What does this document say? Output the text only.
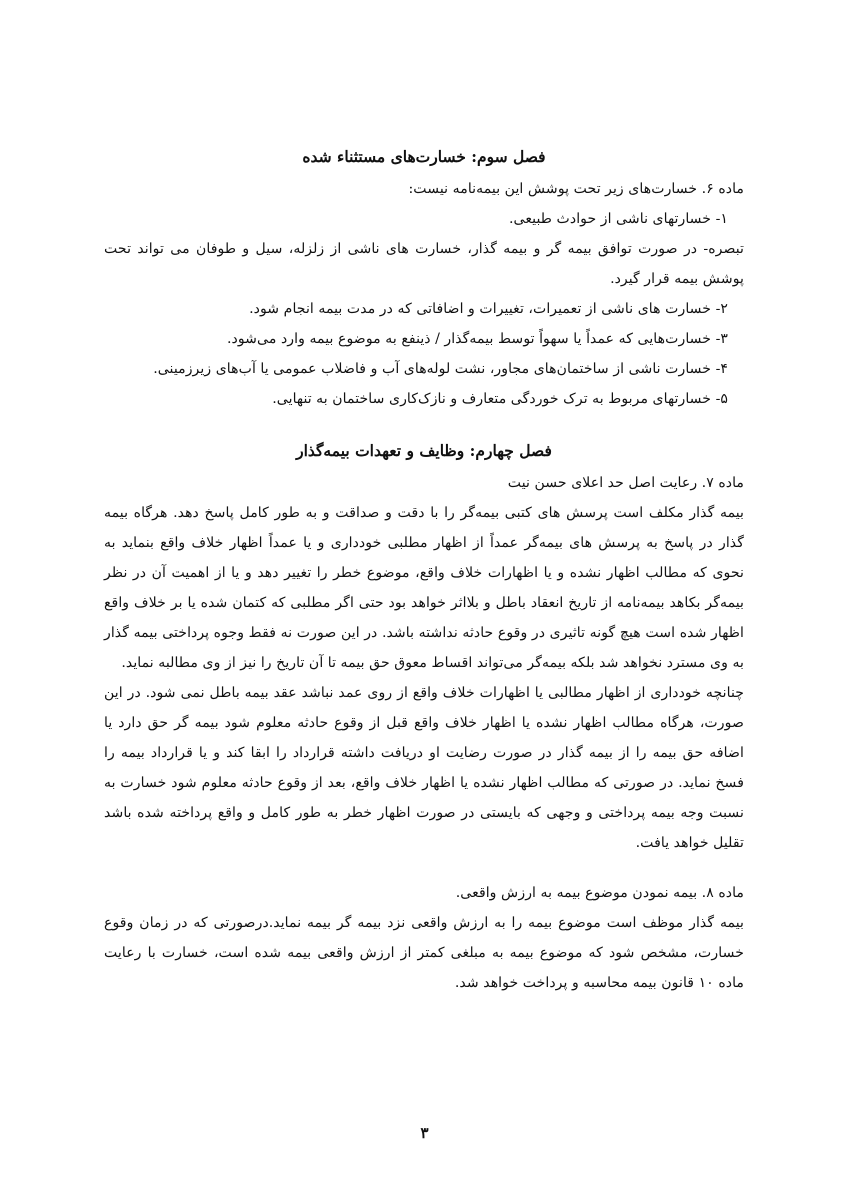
فصل سوم: خسارت‌های مستثناء شده

ماده ۶. خسارت‌های زیر تحت پوشش این بیمه‌نامه نیست:

۱- خسارتهای ناشی از حوادث طبیعی.

تبصره- در صورت توافق بیمه گر و بیمه گذار، خسارت های ناشی از زلزله، سیل و طوفان می تواند تحت پوشش بیمه قرار گیرد.

۲- خسارت های ناشی از تعمیرات، تغییرات و اضافاتی که در مدت بیمه انجام شود.

۳- خسارت‌هایی که عمداً یا سهواً توسط بیمه‌گذار / ذینفع به موضوع بیمه وارد می‌شود.

۴- خسارت ناشی از ساختمان‌های مجاور، نشت لوله‌های آب و فاضلاب عمومی یا آب‌های زیرزمینی.

۵- خسارتهای مربوط به ترک خوردگی متعارف و نازک‌کاری ساختمان به تنهایی.

فصل چهارم: وظایف و تعهدات بیمه‌گذار

ماده ۷. رعایت اصل حد اعلای حسن نیت

بیمه گذار مکلف است پرسش های کتبی بیمه‌گر را با دقت و صداقت و به طور کامل پاسخ دهد. هرگاه بیمه گذار در پاسخ به پرسش های بیمه‌گر عمداً از اظهار مطلبی خودداری و یا عمداً اظهار خلاف واقع بنماید به نحوی که مطالب اظهار نشده و یا اظهارات خلاف واقع، موضوع خطر را تغییر دهد و یا از اهمیت آن در نظر بیمه‌گر بکاهد بیمه‌نامه از تاریخ انعقاد باطل و بلااثر خواهد بود حتی اگر مطلبی که کتمان شده یا بر خلاف واقع اظهار شده است هیچ گونه تاثیری در وقوع حادثه نداشته باشد. در این صورت نه فقط وجوه پرداختی بیمه گذار به وی مسترد نخواهد شد بلکه بیمه‌گر می‌تواند اقساط معوق حق بیمه تا آن تاریخ را نیز از وی مطالبه نماید.

چنانچه خودداری از اظهار مطالبی یا اظهارات خلاف واقع از روی عمد نباشد عقد بیمه باطل نمی شود. در این صورت، هرگاه مطالب اظهار نشده یا اظهار خلاف واقع قبل از وقوع حادثه معلوم شود بیمه گر حق دارد یا اضافه حق بیمه را از بیمه گذار در صورت رضایت او دریافت داشته قرارداد را ابقا کند و یا قرارداد بیمه را فسخ نماید. در صورتی که مطالب اظهار نشده یا اظهار خلاف واقع، بعد از وقوع حادثه معلوم شود خسارت به نسبت وجه بیمه پرداختی و وجهی که بایستی در صورت اظهار خطر به طور کامل و واقع پرداخته شده باشد تقلیل خواهد یافت.

ماده ۸. بیمه نمودن موضوع بیمه به ارزش واقعی.

بیمه گذار موظف است موضوع بیمه را به ارزش واقعی نزد بیمه گر بیمه نماید.درصورتی که در زمان وقوع خسارت، مشخص شود که موضوع بیمه به مبلغی کمتر از ارزش واقعی بیمه شده است، خسارت با رعایت ماده ۱۰ قانون بیمه محاسبه و پرداخت خواهد شد.

۳
